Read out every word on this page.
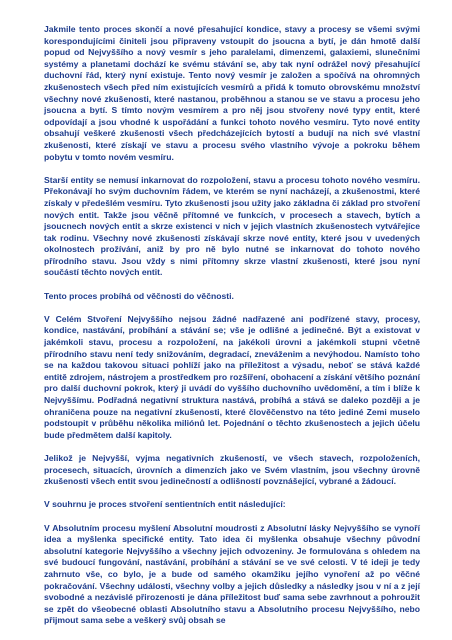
Jakmile tento proces skončí a nové přesahující kondice, stavy a procesy se všemi svými korespondujícími činiteli jsou připraveny vstoupit do jsoucna a bytí, je dán hmotě další popud od Nejvyššího a nový vesmír s jeho paralelami, dimenzemi, galaxiemi, slunečními systémy a planetami dochází ke svému stávání se, aby tak nyní odrážel nový přesahující duchovní řád, který nyní existuje. Tento nový vesmír je založen a spočívá na ohromných zkušenostech všech před ním existujících vesmírů a přidá k tomuto obrovskému množství všechny nové zkušenosti, které nastanou, proběhnou a stanou se ve stavu a procesu jeho jsoucna a bytí. S tímto novým vesmírem a pro něj jsou stvořeny nové typy entit, které odpovídají a jsou vhodné k uspořádání a funkci tohoto nového vesmíru. Tyto nové entity obsahují veškeré zkušenosti všech předcházejících bytostí a budují na nich své vlastní zkušenosti, které získají ve stavu a procesu svého vlastního vývoje a pokroku během pobytu v tomto novém vesmíru.

Starší entity se nemusí inkarnovat do rozpoložení, stavu a procesu tohoto nového vesmíru. Překonávají ho svým duchovním řádem, ve kterém se nyní nacházejí, a zkušenostmi, které získaly v předešlém vesmíru. Tyto zkušenosti jsou užity jako základna či základ pro stvoření nových entit. Takže jsou věčně přítomné ve funkcích, v procesech a stavech, bytích a jsoucnech nových entit a skrze existenci v nich v jejich vlastních zkušenostech vytvářejíce tak rodinu. Všechny nové zkušenosti získávají skrze nové entity, které jsou v uvedených okolnostech prožívání, aniž by pro ně bylo nutné se inkarnovat do tohoto nového přírodního stavu. Jsou vždy s nimi přítomny skrze vlastní zkušenosti, které jsou nyní součástí těchto nových entit.

Tento proces probíhá od věčnosti do věčnosti.

V Celém Stvoření Nejvyššího nejsou žádné nadřazené ani podřízené stavy, procesy, kondice, nastávání, probíhání a stávání se; vše je odlišné a jedinečné. Být a existovat v jakémkoli stavu, procesu a rozpoložení, na jakékoli úrovni a jakémkoli stupni včetně přírodního stavu není tedy snižováním, degradací, zneváženim a nevýhodou. Namísto toho se na každou takovou situaci pohlíží jako na příležitost a výsadu, neboť se stává každé entitě zdrojem, nástrojem a prostředkem pro rozšíření, obohacení a získání většího poznání pro další duchovní pokrok, který ji uvádí do vyššího duchovního uvědomění, a tím i blíže k Nejvyššímu. Podřadná negativní struktura nastává, probíhá a stává se daleko později a je ohraničena pouze na negativní zkušenosti, které člověčenstvo na této jediné Zemi muselo podstoupit v průběhu několika miliónů let. Pojednání o těchto zkušenostech a jejich účelu bude předmětem další kapitoly.

Jelikož je Nejvyšší, vyjma negativních zkušeností, ve všech stavech, rozpoloženích, procesech, situacích, úrovních a dimenzích jako ve Svém vlastním, jsou všechny úrovně zkušenosti všech entit svou jedinečností a odlišností povznášející, vybrané a žádoucí.

V souhrnu je proces stvoření sentientních entit následující:

V Absolutním procesu myšlení Absolutní moudrosti z Absolutní lásky Nejvyššího se vynoří idea a myšlenka specifické entity. Tato idea či myšlenka obsahuje všechny původní absolutní kategorie Nejvyššího a všechny jejich odvozeniny. Je formulována s ohledem na své budoucí fungování, nastávání, probíhání a stávání se ve své celosti. V té ideji je tedy zahrnuto vše, co bylo, je a bude od samého okamžiku jejího vynoření až po věčné pokračování. Všechny události, všechny volby a jejich důsledky a následky jsou v ní a z její svobodné a nezávislé přirozenosti je dána příležitost buď sama sebe zavrhnout a pohroužit se zpět do všeobecné oblasti Absolutního stavu a Absolutního procesu Nejvyššího, nebo přijmout sama sebe a veškerý svůj obsah se
